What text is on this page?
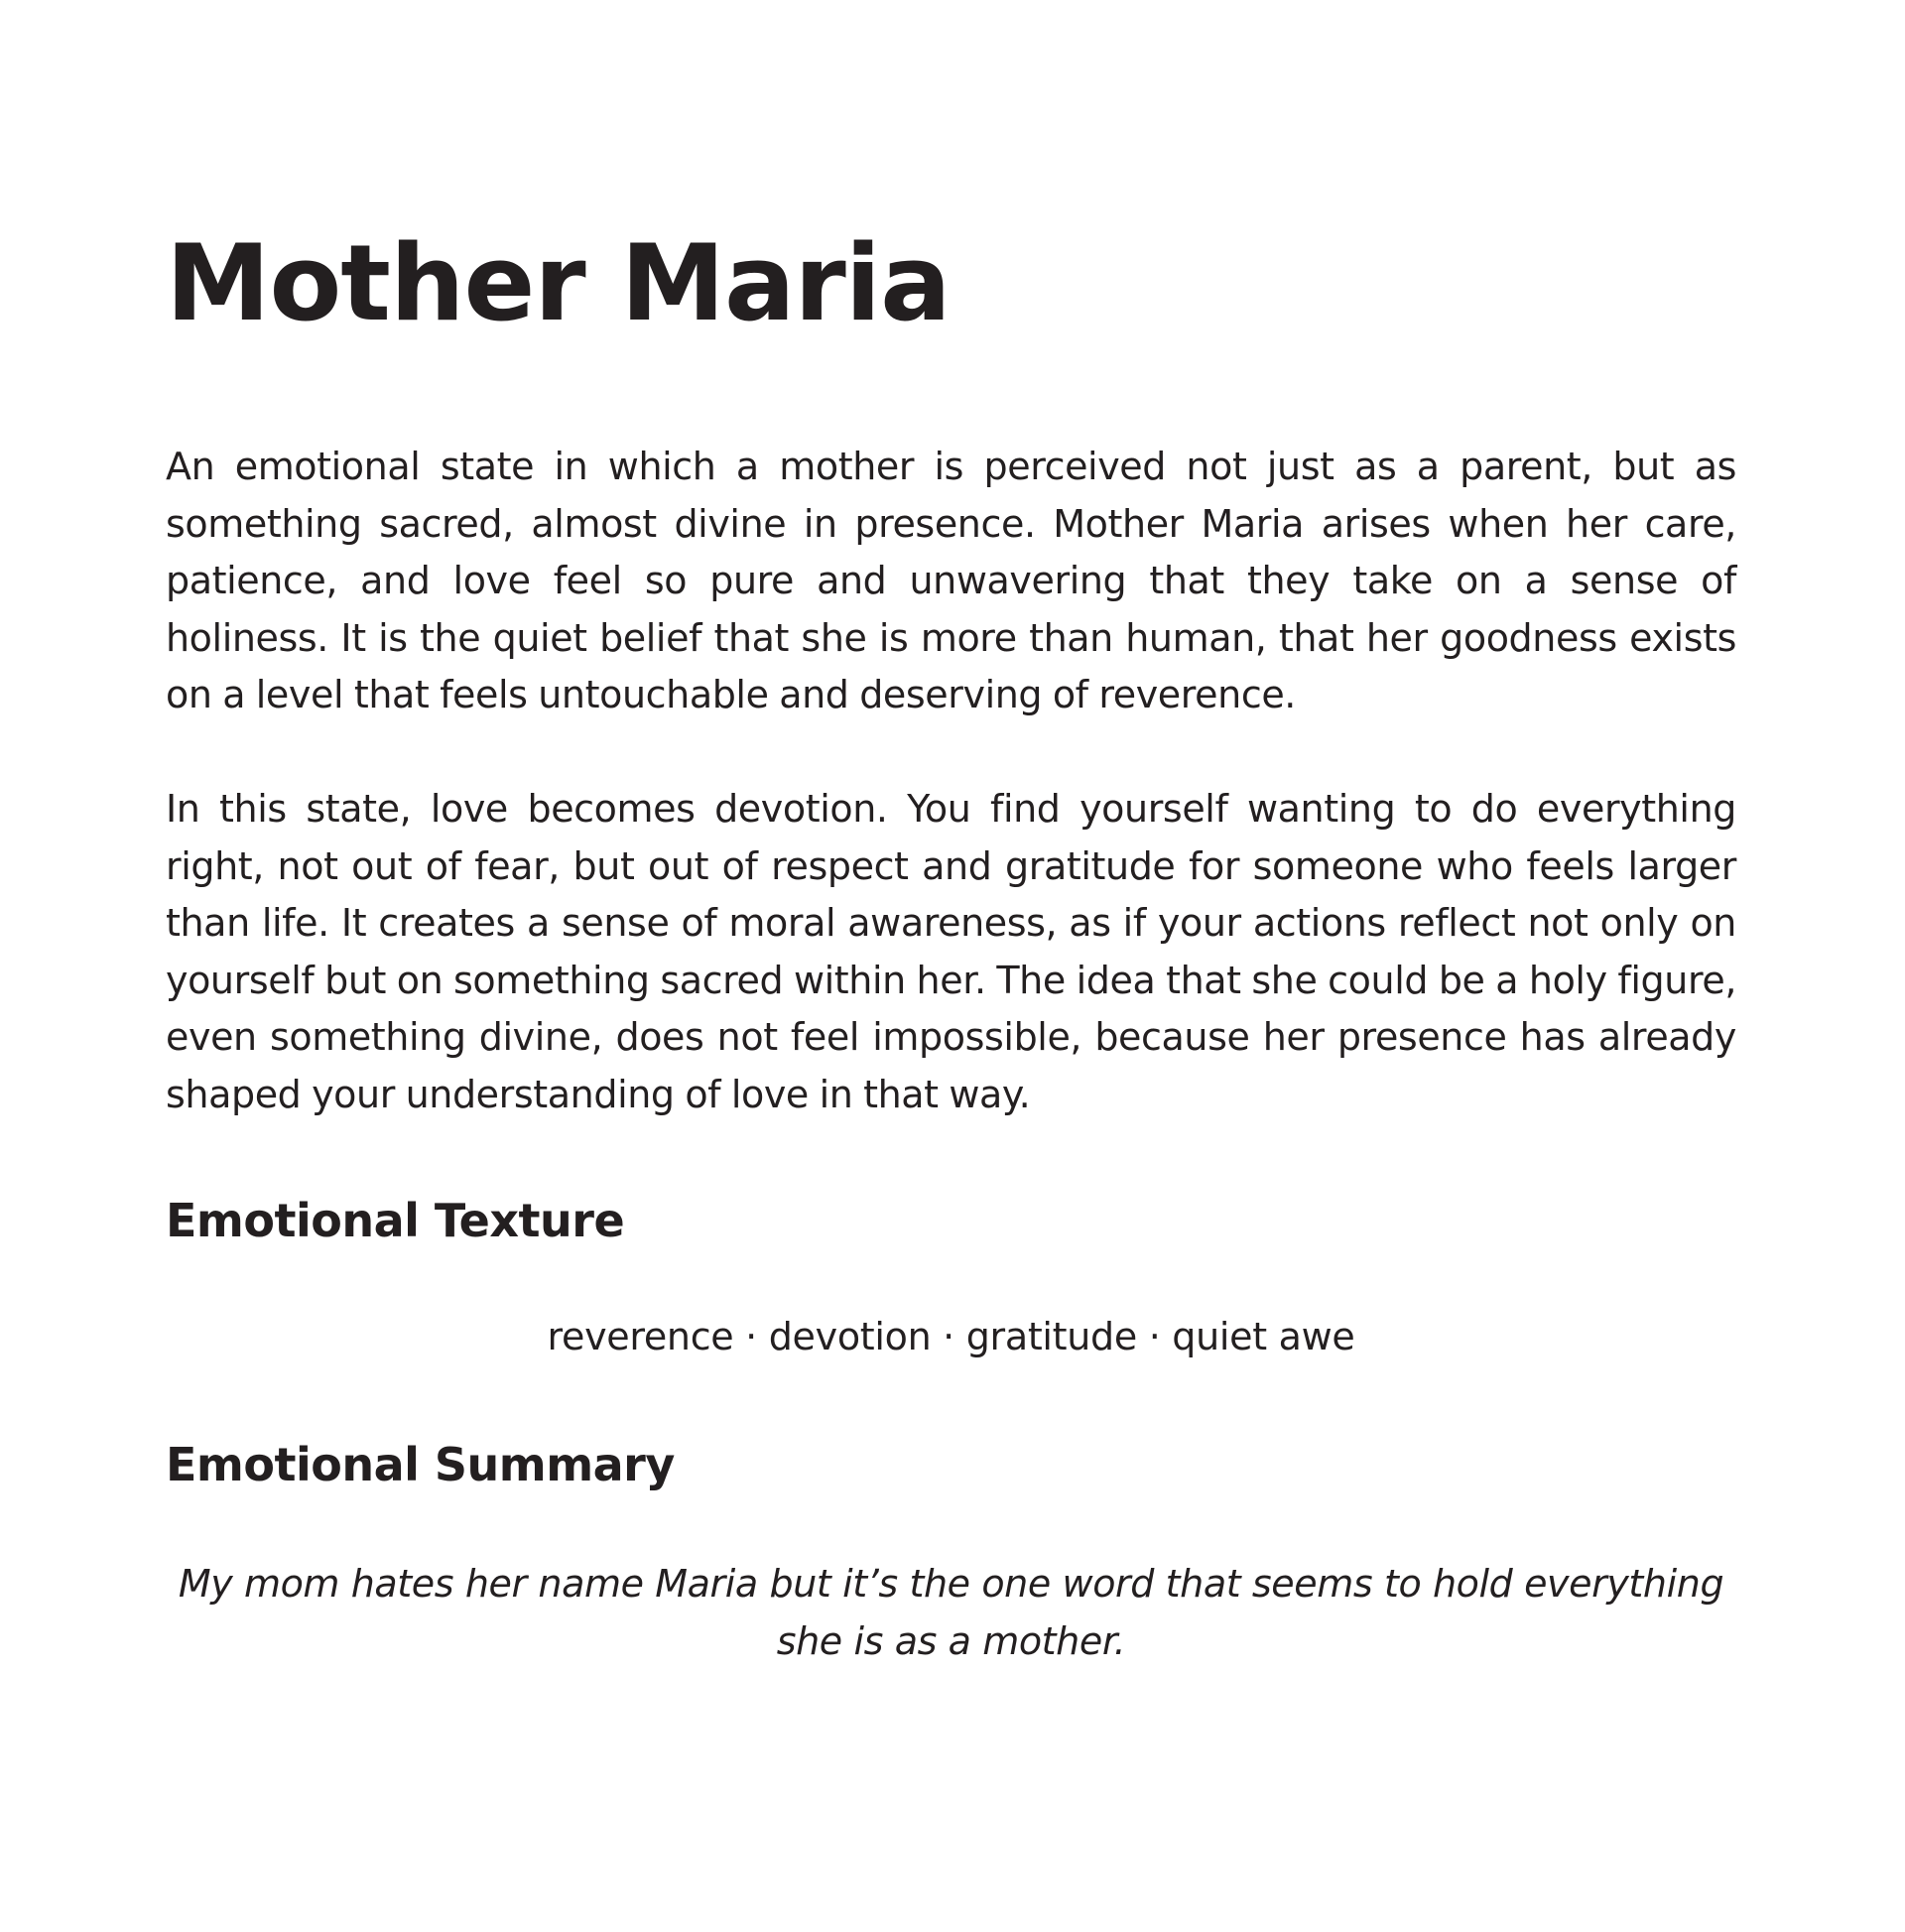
Mother Maria

An emotional state in which a mother is perceived not just as a parent, but as something sacred, almost divine in presence. Mother Maria arises when her care, patience, and love feel so pure and unwavering that they take on a sense of holiness. It is the quiet belief that she is more than human, that her goodness exists on a level that feels untouchable and deserving of reverence.

In this state, love becomes devotion. You find yourself wanting to do everything right, not out of fear, but out of respect and gratitude for someone who feels larger than life. It creates a sense of moral awareness, as if your actions reflect not only on yourself but on something sacred within her. The idea that she could be a holy figure, even something divine, does not feel impossible, because her presence has already shaped your understanding of love in that way.

Emotional Texture

reverence · devotion · gratitude · quiet awe

Emotional Summary

My mom hates her name Maria but it’s the one word that seems to hold everything she is as a mother.
